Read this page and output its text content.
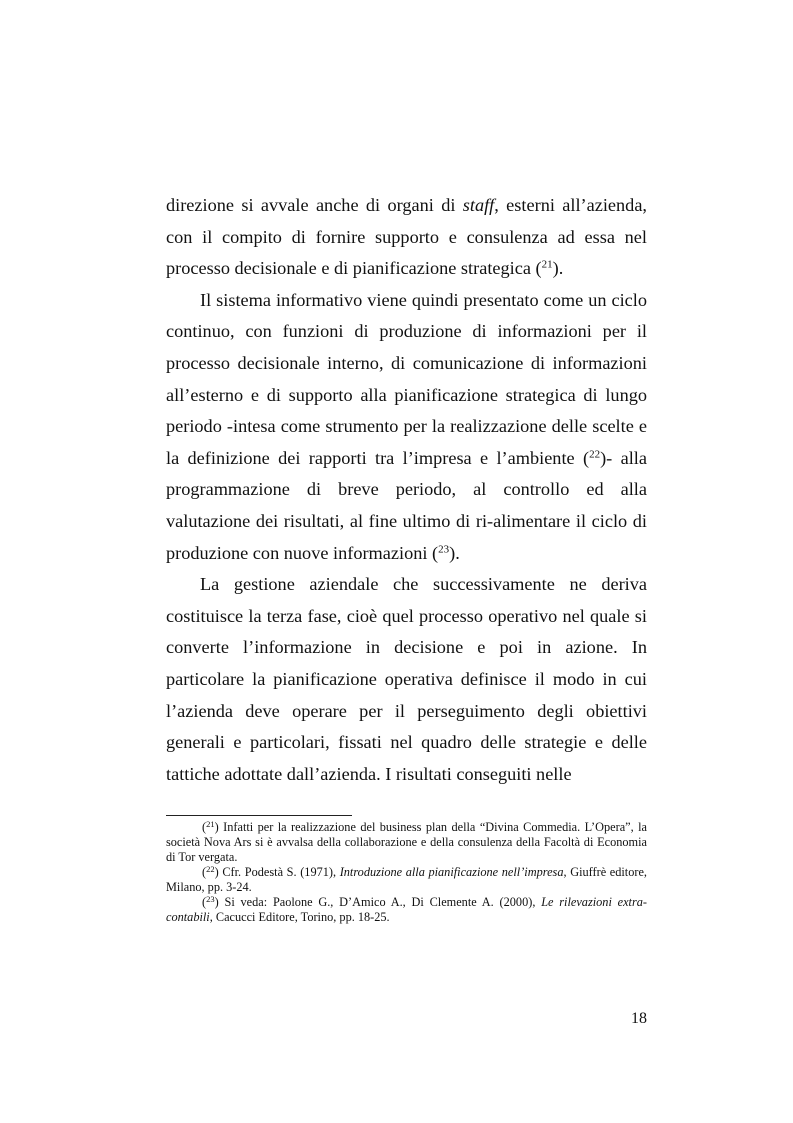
direzione si avvale anche di organi di staff, esterni all’azienda, con il compito di fornire supporto e consulenza ad essa nel processo decisionale e di pianificazione strategica ($^{21}$).

Il sistema informativo viene quindi presentato come un ciclo continuo, con funzioni di produzione di informazioni per il processo decisionale interno, di comunicazione di informazioni all’esterno e di supporto alla pianificazione strategica di lungo periodo -intesa come strumento per la realizzazione delle scelte e la definizione dei rapporti tra l’impresa e l’ambiente ($^{22}$)- alla programmazione di breve periodo, al controllo ed alla valutazione dei risultati, al fine ultimo di ri-alimentare il ciclo di produzione con nuove informazioni ($^{23}$).

La gestione aziendale che successivamente ne deriva costituisce la terza fase, cioè quel processo operativo nel quale si converte l’informazione in decisione e poi in azione. In particolare la pianificazione operativa definisce il modo in cui l’azienda deve operare per il perseguimento degli obiettivi generali e particolari, fissati nel quadro delle strategie e delle tattiche adottate dall’azienda. I risultati conseguiti nelle

($^{21}$) Infatti per la realizzazione del business plan della “Divina Commedia. L’Opera”, la società Nova Ars si è avvalsa della collaborazione e della consulenza della Facoltà di Economia di Tor vergata.

($^{22}$) Cfr. Podestà S. (1971), Introduzione alla pianificazione nell’impresa, Giuffrè editore, Milano, pp. 3-24.

($^{23}$) Si veda: Paolone G., D’Amico A., Di Clemente A. (2000), Le rilevazioni extra-contabili, Cacucci Editore, Torino, pp. 18-25.

18
